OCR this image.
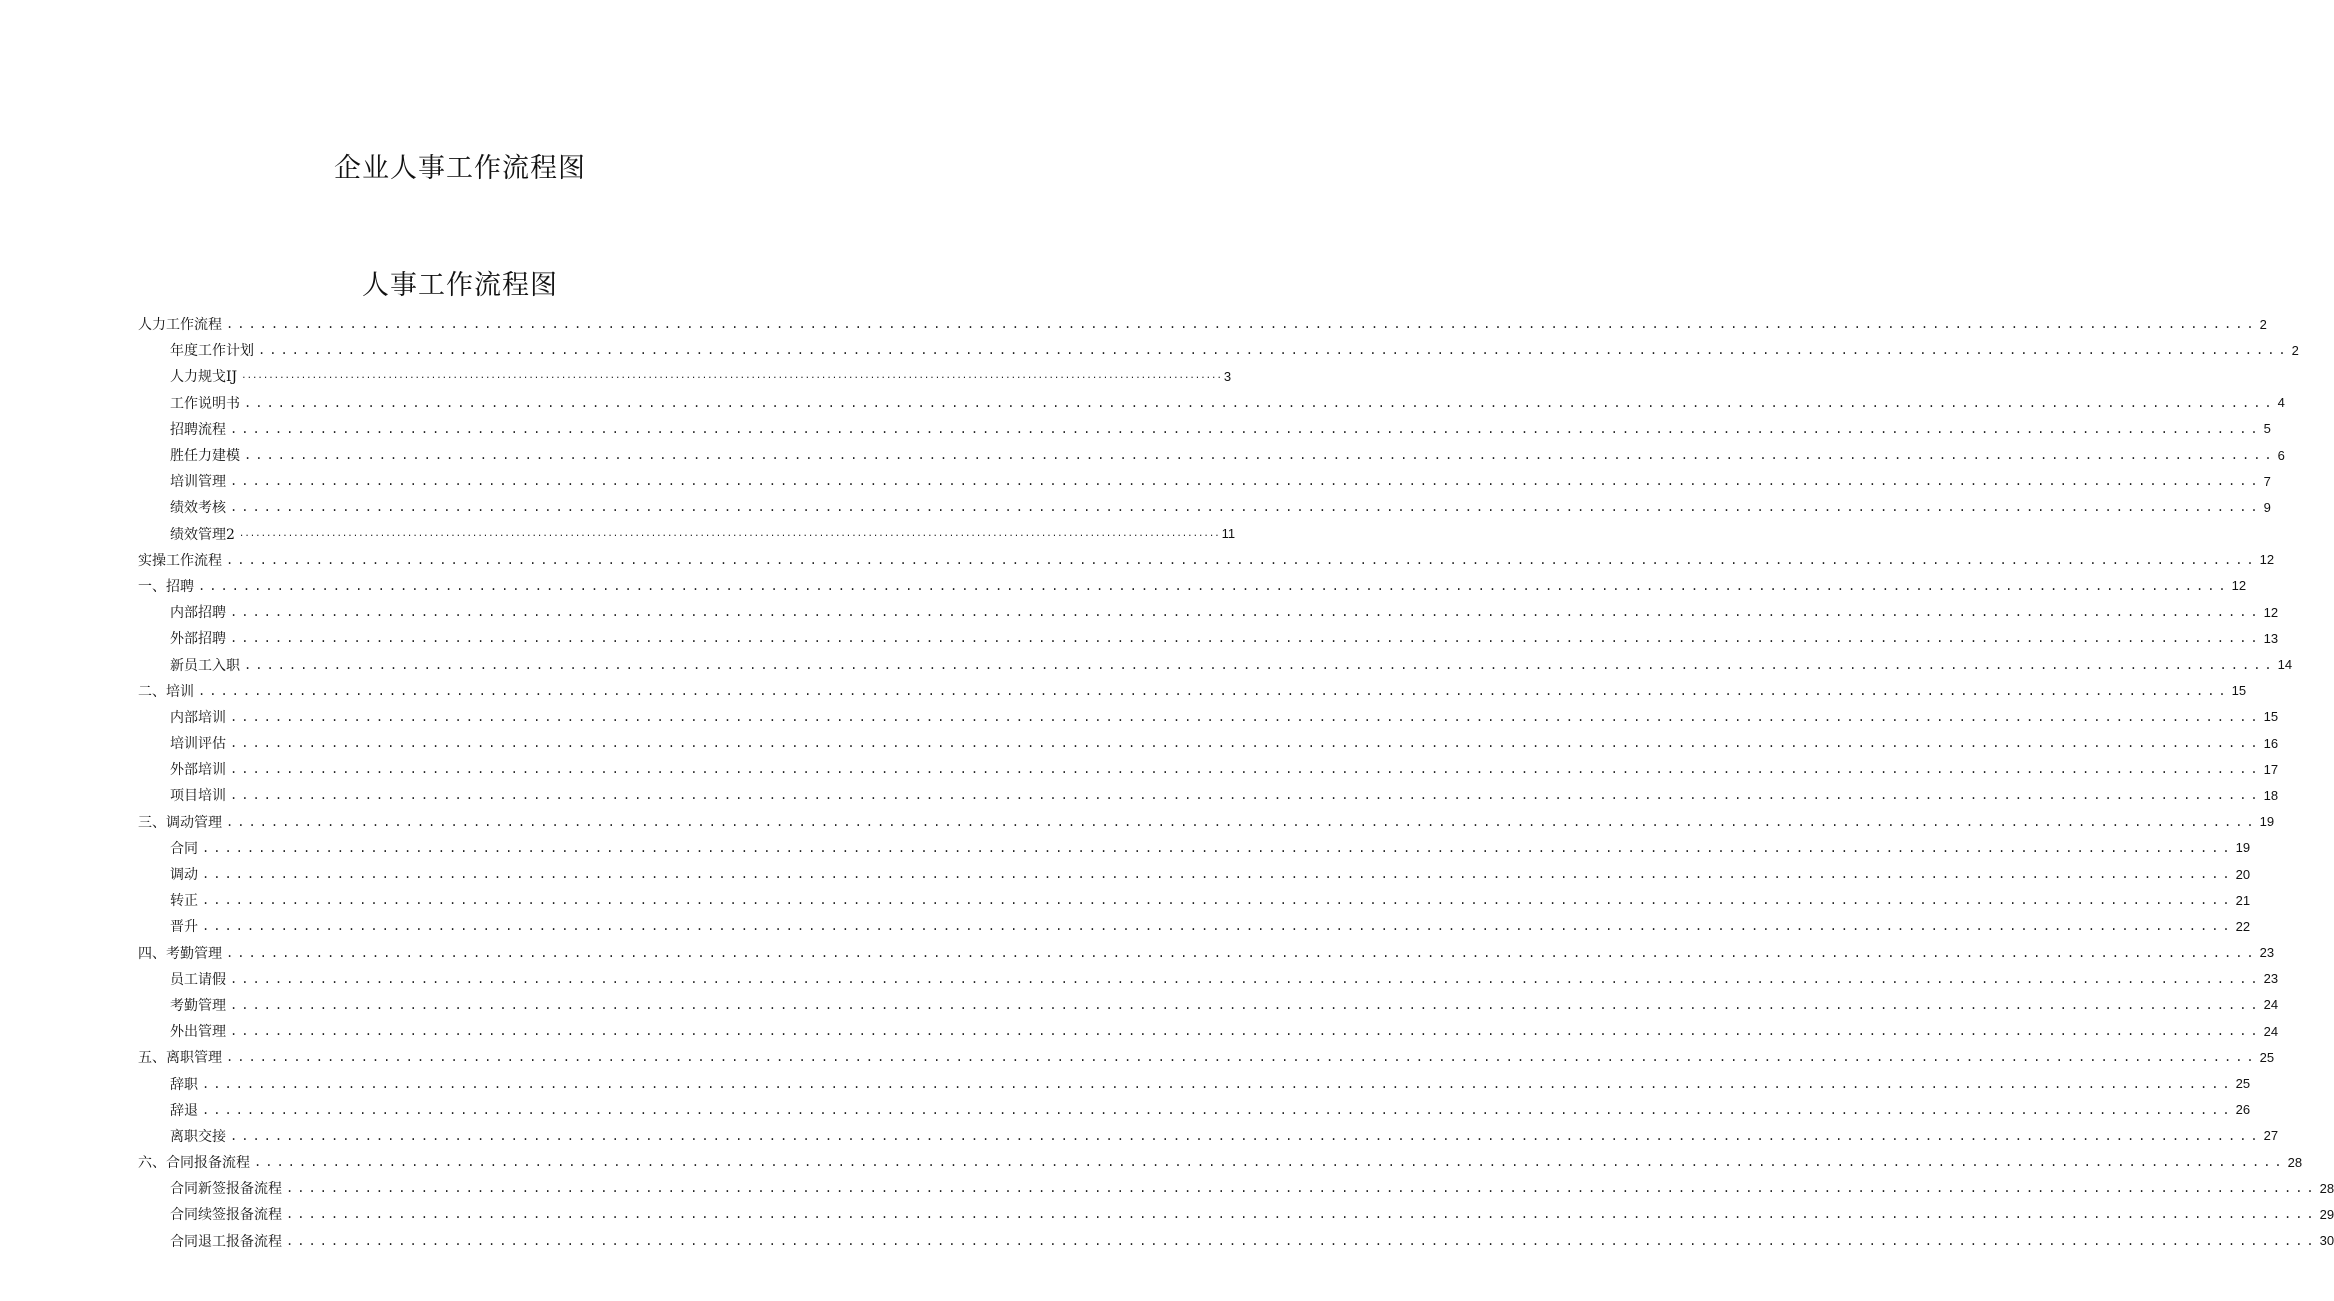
企业人事工作流程图
人事工作流程图
人力工作流程 ..................................................................................................................................................................................... 2
年度工作计划 ..................................................................................................................................................................................... 2
人力规戈IJ ..................................................................................................................................................................................... 3
工作说明书 ..................................................................................................................................................................................... 4
招聘流程 ..................................................................................................................................................................................... 5
胜任力建模 ..................................................................................................................................................................................... 6
培训管理 ..................................................................................................................................................................................... 7
绩效考核 ..................................................................................................................................................................................... 9
绩效管理2 ..................................................................................................................................................................................... 11
实操工作流程 ..................................................................................................................................................................................... 12
一、招聘 ..................................................................................................................................................................................... 12
内部招聘 ..................................................................................................................................................................................... 12
外部招聘 ..................................................................................................................................................................................... 13
新员工入职 ..................................................................................................................................................................................... 14
二、培训 ..................................................................................................................................................................................... 15
内部培训 ..................................................................................................................................................................................... 15
培训评估 ..................................................................................................................................................................................... 16
外部培训 ..................................................................................................................................................................................... 17
项目培训 ..................................................................................................................................................................................... 18
三、调动管理 ..................................................................................................................................................................................... 19
合同 ..................................................................................................................................................................................... 19
调动 ..................................................................................................................................................................................... 20
转正 ..................................................................................................................................................................................... 21
晋升 ..................................................................................................................................................................................... 22
四、考勤管理 ..................................................................................................................................................................................... 23
员工请假 ..................................................................................................................................................................................... 23
考勤管理 ..................................................................................................................................................................................... 24
外出管理 ..................................................................................................................................................................................... 24
五、离职管理 ..................................................................................................................................................................................... 25
辞职 ..................................................................................................................................................................................... 25
辞退 ..................................................................................................................................................................................... 26
离职交接 ..................................................................................................................................................................................... 27
六、合同报备流程 ..................................................................................................................................................................................... 28
合同新签报备流程 ..................................................................................................................................................................................... 28
合同续签报备流程 ..................................................................................................................................................................................... 29
合同退工报备流程 ..................................................................................................................................................................................... 30
